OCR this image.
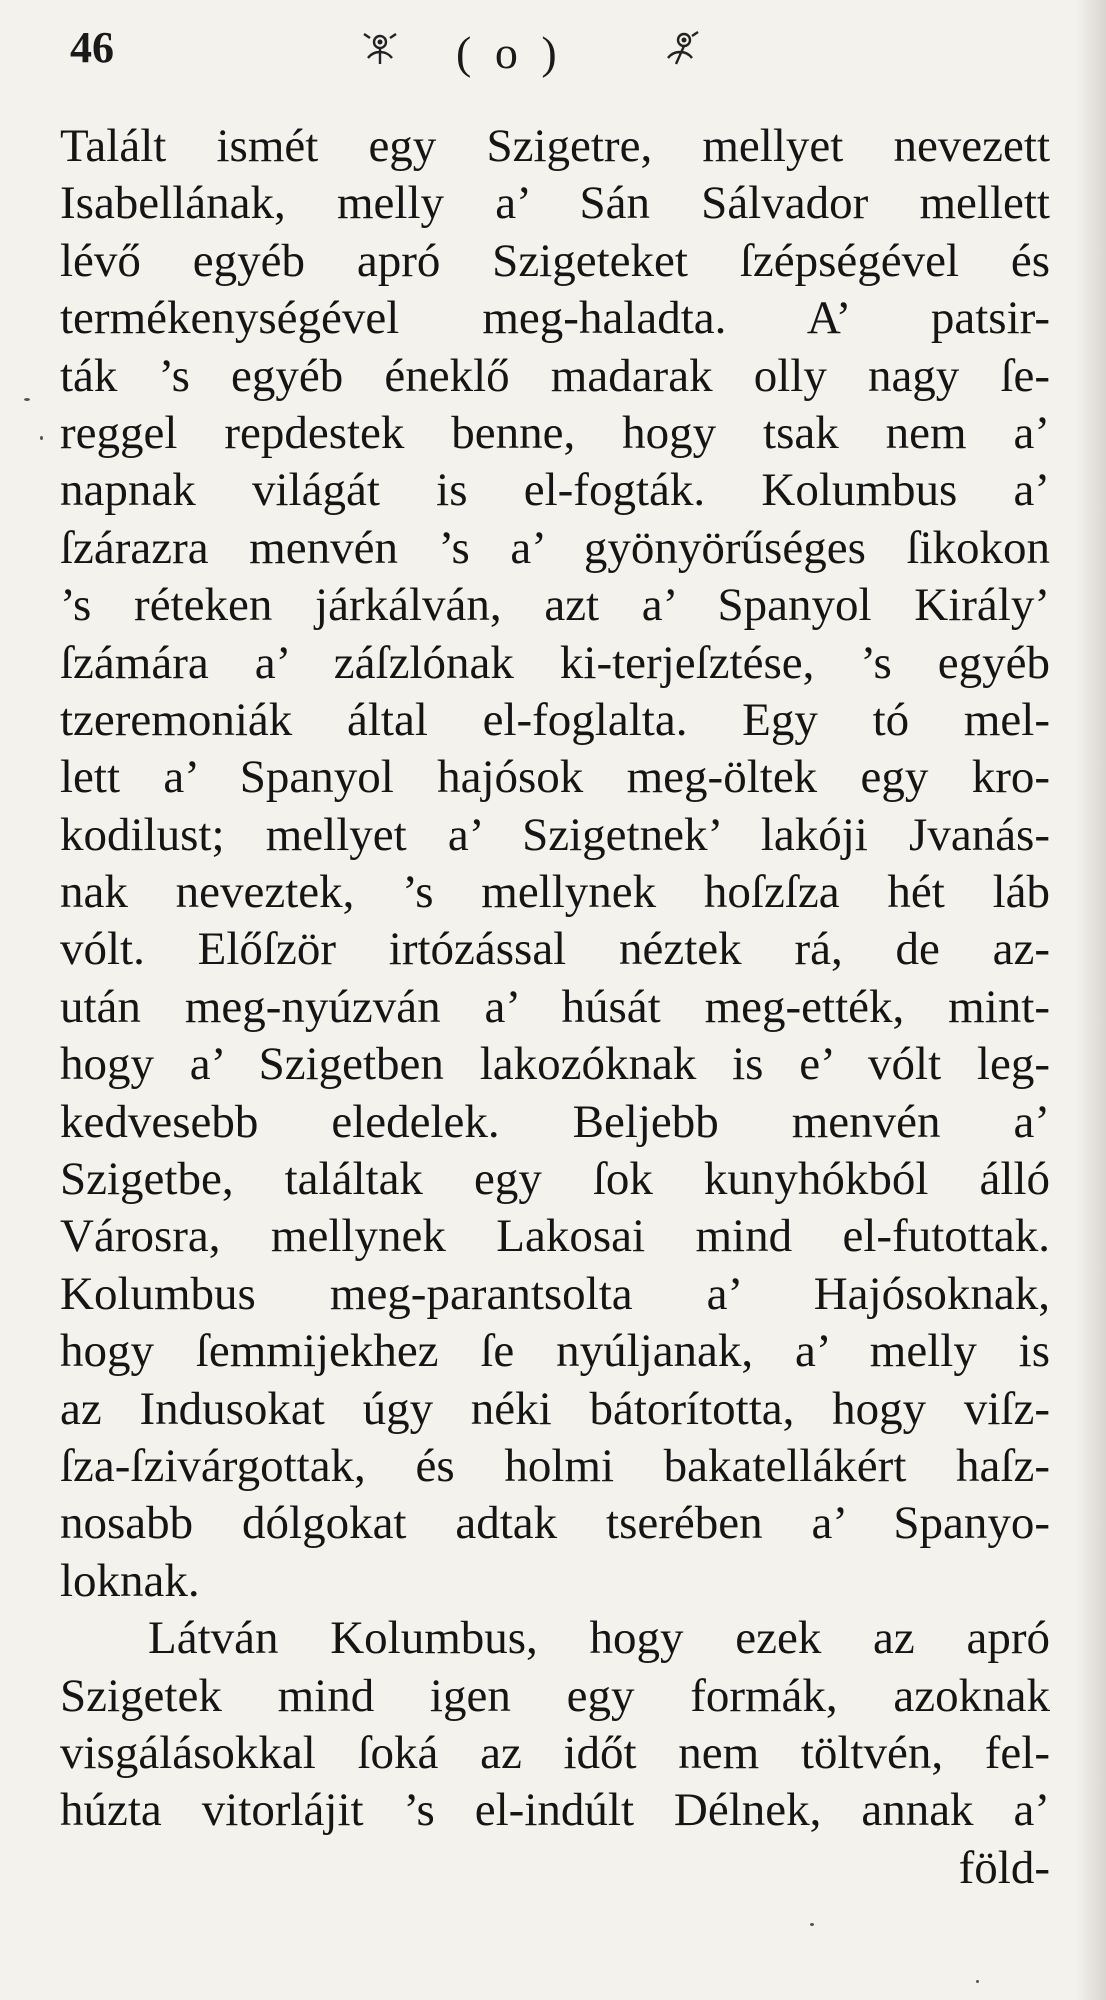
46	( o )
Talált ismét egy Szigetre, mellyet nevezett
Isabellának, melly a’ Sán Sálvador mellett
lévő egyéb apró Szigeteket ſzépségével és
termékenységével meg-haladta. A’ patsir-
ták ’s egyéb éneklő madarak olly nagy ſe-
reggel repdestek benne, hogy tsak nem a’
napnak világát is el-fogták. Kolumbus a’
ſzárazra menvén ’s a’ gyönyörűséges ſikokon
’s réteken járkálván, azt a’ Spanyol Király’
ſzámára a’ záſzlónak ki-terjeſztése, ’s egyéb
tzeremoniák által el-foglalta. Egy tó mel-
lett a’ Spanyol hajósok meg-öltek egy kro-
kodilust; mellyet a’ Szigetnek’ lakóji Jvanás-
nak neveztek, ’s mellynek hoſzſza hét láb
vólt. Előſzör irtózással néztek rá, de az-
után meg-nyúzván a’ húsát meg-ették, mint-
hogy a’ Szigetben lakozóknak is e’ vólt leg-
kedvesebb eledelek. Beljebb menvén a’
Szigetbe, találtak egy ſok kunyhókból álló
Városra, mellynek Lakosai mind el-futottak.
Kolumbus meg-parantsolta a’ Hajósoknak,
hogy ſemmijekhez ſe nyúljanak, a’ melly is
az Indusokat úgy néki bátorította, hogy viſz-
ſza-ſzivárgottak, és holmi bakatellákért haſz-
nosabb dólgokat adtak tserében a’ Spanyo-
loknak.
Látván Kolumbus, hogy ezek az apró
Szigetek mind igen egy formák, azoknak
visgálásokkal ſoká az időt nem töltvén, fel-
húzta vitorlájit ’s el-indúlt Délnek, annak a’
föld-
